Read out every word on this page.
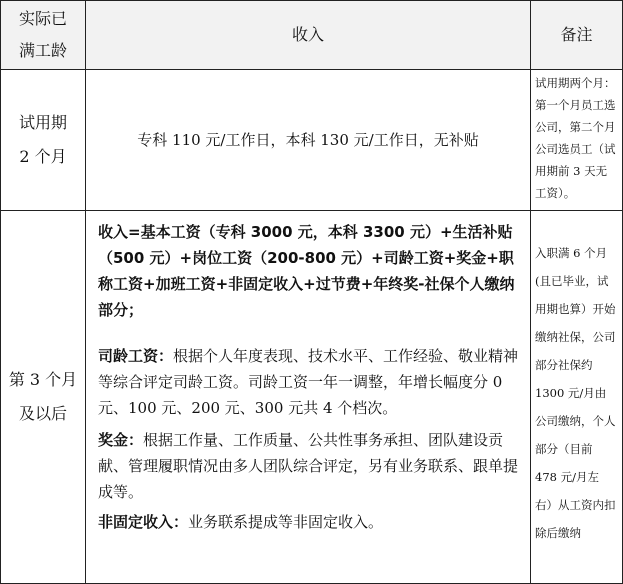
实际已
满工龄
收入	备注
试用期
2 个月
专科 110 元/工作日，本科 130 元/工作日，无补贴
试用期两个月：第一个月员工选公司，第二个月公司选员工（试用期前 3 天无工资）。
第 3 个月
及以后

收入=基本工资（专科 3000 元，本科 3300 元）+生活补贴（500 元）+岗位工资（200-800 元）+司龄工资+奖金+职称工资+加班工资+非固定收入+过节费+年终奖-社保个人缴纳部分；

司龄工资：根据个人年度表现、技术水平、工作经验、敬业精神等综合评定司龄工资。司龄工资一年一调整，年增长幅度分 0 元、100 元、200 元、300 元共 4 个档次。

奖金：根据工作量、工作质量、公共性事务承担、团队建设贡献、管理履职情况由多人团队综合评定，另有业务联系、跟单提成等。

非固定收入：业务联系提成等非固定收入。

入职满 6 个月(且已毕业，试用期也算）开始缴纳社保，公司部分社保约 1300 元/月由公司缴纳，个人部分（目前 478 元/月左右）从工资内扣除后缴纳
